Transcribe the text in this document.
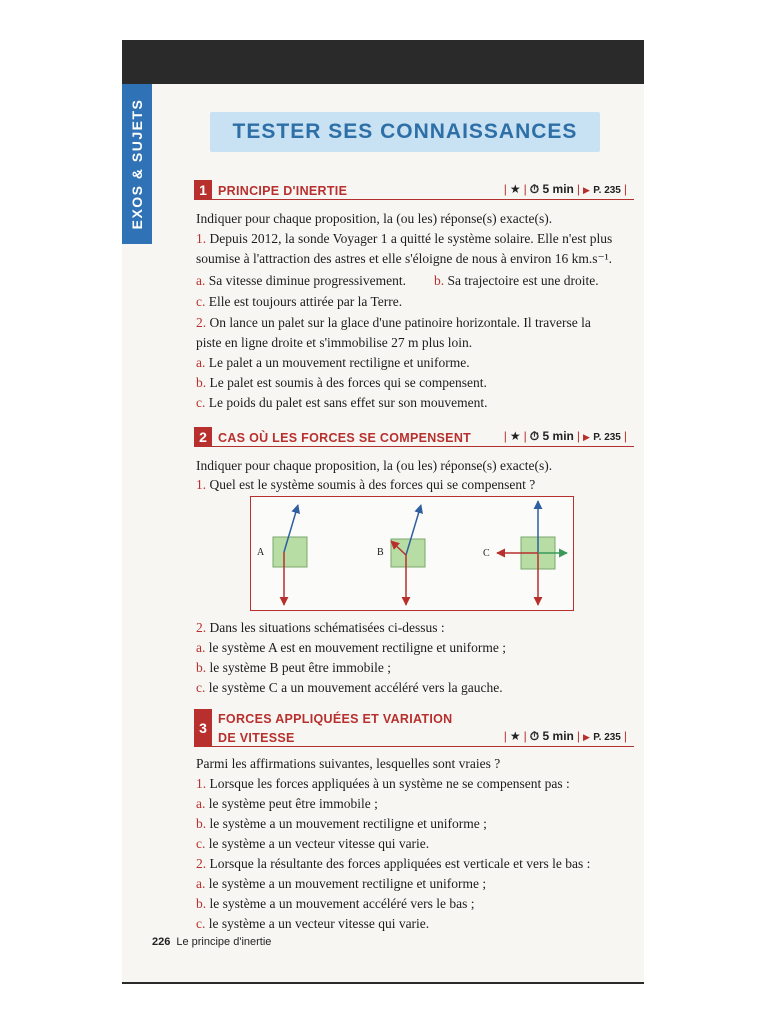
EXOS & SUJETS	TESTER SES CONNAISSANCES
1 PRINCIPE D'INERTIE	| ★ | ⏱ 5 min | ▶ P. 235 |
Indiquer pour chaque proposition, la (ou les) réponse(s) exacte(s).
1. Depuis 2012, la sonde Voyager 1 a quitté le système solaire. Elle n'est plus
soumise à l'attraction des astres et elle s'éloigne de nous à environ 16 km.s⁻¹.
a. Sa vitesse diminue progressivement. b. Sa trajectoire est une droite.
c. Elle est toujours attirée par la Terre.
2. On lance un palet sur la glace d'une patinoire horizontale. Il traverse la
piste en ligne droite et s'immobilise 27 m plus loin.
a. Le palet a un mouvement rectiligne et uniforme.
b. Le palet est soumis à des forces qui se compensent.
c. Le poids du palet est sans effet sur son mouvement.
2 CAS OÙ LES FORCES SE COMPENSENT	| ★ | ⏱ 5 min | ▶ P. 235 |
Indiquer pour chaque proposition, la (ou les) réponse(s) exacte(s).
1. Quel est le système soumis à des forces qui se compensent ?
A	B	C
2. Dans les situations schématisées ci-dessus :
a. le système A est en mouvement rectiligne et uniforme ;
b. le système B peut être immobile ;
c. le système C a un mouvement accéléré vers la gauche.
3
FORCES APPLIQUÉES ET VARIATION
DE VITESSE	| ★ | ⏱ 5 min | ▶ P. 235 |
Parmi les affirmations suivantes, lesquelles sont vraies ?
1. Lorsque les forces appliquées à un système ne se compensent pas :
a. le système peut être immobile ;
b. le système a un mouvement rectiligne et uniforme ;
c. le système a un vecteur vitesse qui varie.
2. Lorsque la résultante des forces appliquées est verticale et vers le bas :
a. le système a un mouvement rectiligne et uniforme ;
b. le système a un mouvement accéléré vers le bas ;
c. le système a un vecteur vitesse qui varie.
226 Le principe d'inertie
